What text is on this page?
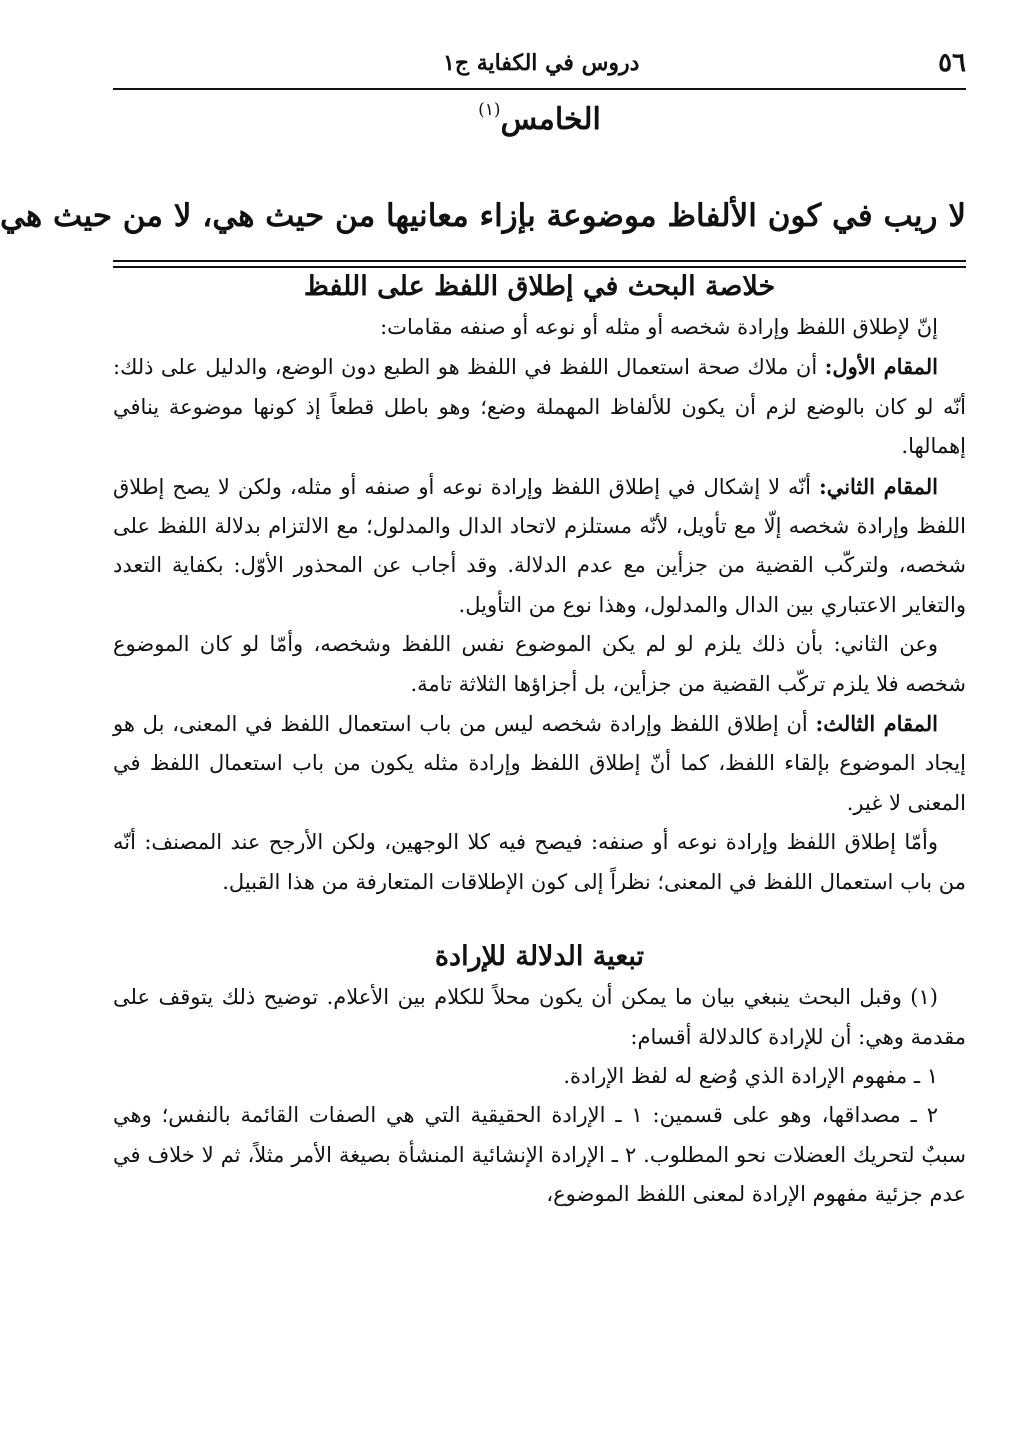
٥٦
دروس في الكفاية ج١
الخامس$^{(١)}$
لا ريب في كون الألفاظ موضوعة بإزاء معانيها من حيث هي، لا من حيث هي
خلاصة البحث في إطلاق اللفظ على اللفظ

إنّ لإطلاق اللفظ وإرادة شخصه أو مثله أو نوعه أو صنفه مقامات:

المقام الأول: أن ملاك صحة استعمال اللفظ في اللفظ هو الطبع دون الوضع، والدليل على ذلك: أنّه لو كان بالوضع لزم أن يكون للألفاظ المهملة وضع؛ وهو باطل قطعاً إذ كونها موضوعة ينافي إهمالها.

المقام الثاني: أنّه لا إشكال في إطلاق اللفظ وإرادة نوعه أو صنفه أو مثله، ولكن لا يصح إطلاق اللفظ وإرادة شخصه إلّا مع تأويل، لأنّه مستلزم لاتحاد الدال والمدلول؛ مع الالتزام بدلالة اللفظ على شخصه، ولتركّب القضية من جزأين مع عدم الدلالة. وقد أجاب عن المحذور الأوّل: بكفاية التعدد والتغاير الاعتباري بين الدال والمدلول، وهذا نوع من التأويل.

وعن الثاني: بأن ذلك يلزم لو لم يكن الموضوع نفس اللفظ وشخصه، وأمّا لو كان الموضوع شخصه فلا يلزم تركّب القضية من جزأين، بل أجزاؤها الثلاثة تامة.

المقام الثالث: أن إطلاق اللفظ وإرادة شخصه ليس من باب استعمال اللفظ في المعنى، بل هو إيجاد الموضوع بإلقاء اللفظ، كما أنّ إطلاق اللفظ وإرادة مثله يكون من باب استعمال اللفظ في المعنى لا غير.

وأمّا إطلاق اللفظ وإرادة نوعه أو صنفه: فيصح فيه كلا الوجهين، ولكن الأرجح عند المصنف: أنّه من باب استعمال اللفظ في المعنى؛ نظراً إلى كون الإطلاقات المتعارفة من هذا القبيل.

تبعية الدلالة للإرادة

(١) وقبل البحث ينبغي بيان ما يمكن أن يكون محلاً للكلام بين الأعلام. توضيح ذلك يتوقف على مقدمة وهي: أن للإرادة كالدلالة أقسام:

١ ـ مفهوم الإرادة الذي وُضع له لفظ الإرادة.

٢ ـ مصداقها، وهو على قسمين: ١ ـ الإرادة الحقيقية التي هي الصفات القائمة بالنفس؛ وهي سببٌ لتحريك العضلات نحو المطلوب. ٢ ـ الإرادة الإنشائية المنشأة بصيغة الأمر مثلاً، ثم لا خلاف في عدم جزئية مفهوم الإرادة لمعنى اللفظ الموضوع،
